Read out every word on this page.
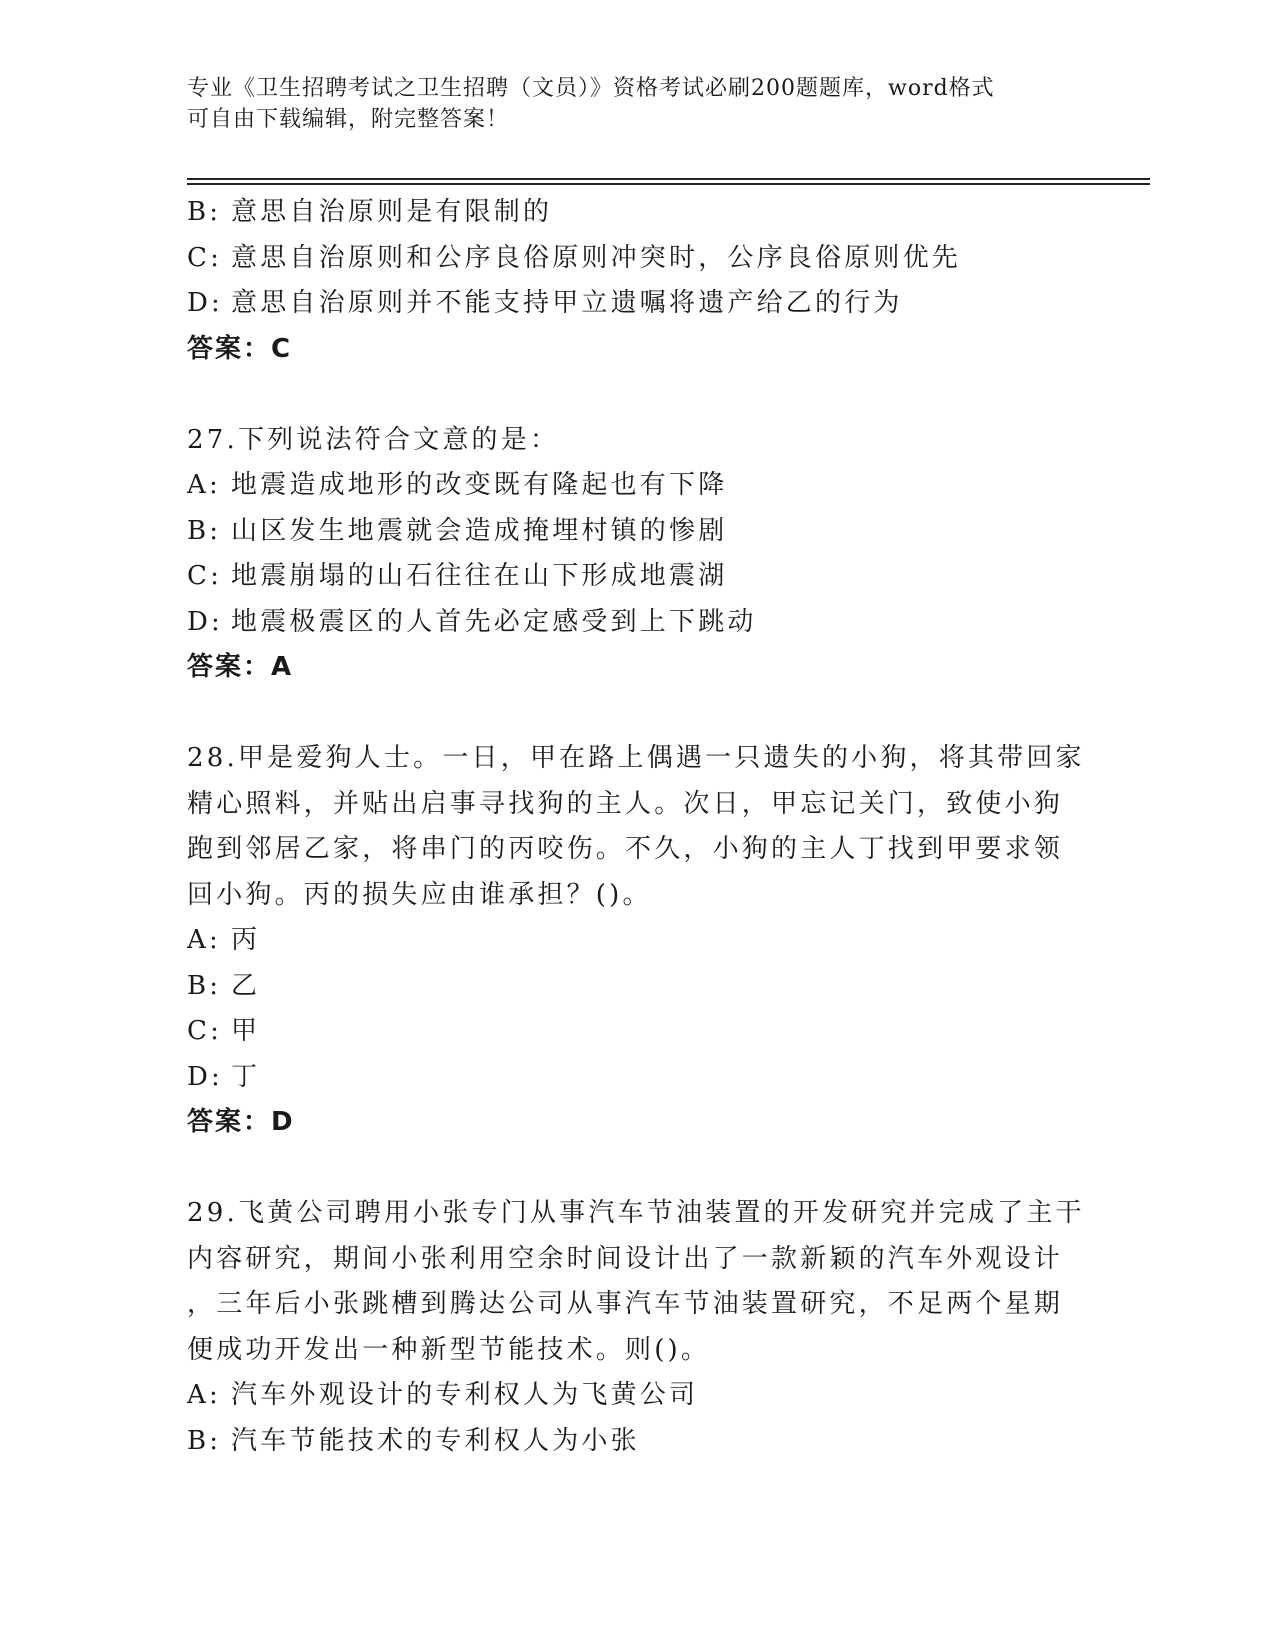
专业《卫生招聘考试之卫生招聘（文员）》资格考试必刷200题题库，word格式
可自由下载编辑，附完整答案！
B: 意思自治原则是有限制的
C: 意思自治原则和公序良俗原则冲突时，公序良俗原则优先
D: 意思自治原则并不能支持甲立遗嘱将遗产给乙的行为
答案：C
27.下列说法符合文意的是：
A: 地震造成地形的改变既有隆起也有下降
B: 山区发生地震就会造成掩埋村镇的惨剧
C: 地震崩塌的山石往往在山下形成地震湖
D: 地震极震区的人首先必定感受到上下跳动
答案：A
28.甲是爱狗人士。一日，甲在路上偶遇一只遗失的小狗，将其带回家
精心照料，并贴出启事寻找狗的主人。次日，甲忘记关门，致使小狗
跑到邻居乙家，将串门的丙咬伤。不久，小狗的主人丁找到甲要求领
回小狗。丙的损失应由谁承担？()。
A: 丙
B: 乙
C: 甲
D: 丁
答案：D
29.飞黄公司聘用小张专门从事汽车节油装置的开发研究并完成了主干
内容研究，期间小张利用空余时间设计出了一款新颖的汽车外观设计
，三年后小张跳槽到腾达公司从事汽车节油装置研究，不足两个星期
便成功开发出一种新型节能技术。则()。
A: 汽车外观设计的专利权人为飞黄公司
B: 汽车节能技术的专利权人为小张
